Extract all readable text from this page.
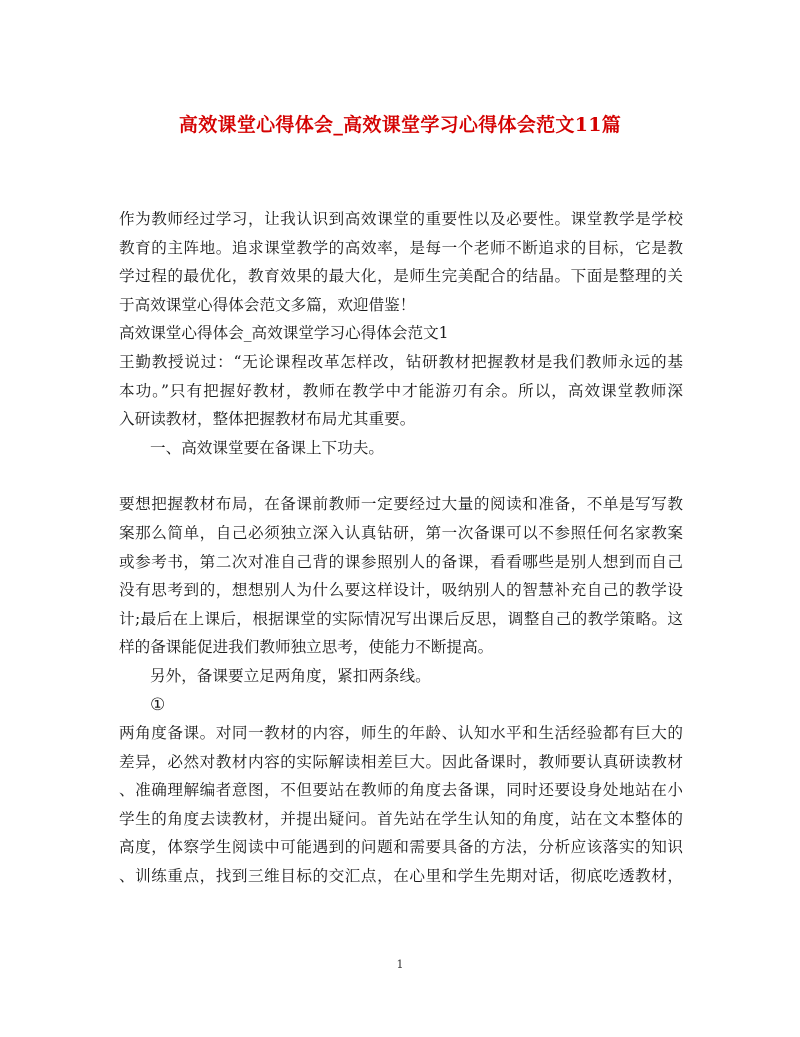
高效课堂心得体会_高效课堂学习心得体会范文11篇
作为教师经过学习，让我认识到高效课堂的重要性以及必要性。课堂教学是学校
教育的主阵地。追求课堂教学的高效率，是每一个老师不断追求的目标，它是教
学过程的最优化，教育效果的最大化，是师生完美配合的结晶。下面是整理的关
于高效课堂心得体会范文多篇，欢迎借鉴！
高效课堂心得体会_高效课堂学习心得体会范文1
王勤教授说过：“无论课程改革怎样改，钻研教材把握教材是我们教师永远的基
本功。”只有把握好教材，教师在教学中才能游刃有余。所以，高效课堂教师深
入研读教材，整体把握教材布局尤其重要。
一、高效课堂要在备课上下功夫。
要想把握教材布局，在备课前教师一定要经过大量的阅读和准备，不单是写写教
案那么简单，自己必须独立深入认真钻研，第一次备课可以不参照任何名家教案
或参考书，第二次对准自己背的课参照别人的备课，看看哪些是别人想到而自己
没有思考到的，想想别人为什么要这样设计，吸纳别人的智慧补充自己的教学设
计;最后在上课后，根据课堂的实际情况写出课后反思，调整自己的教学策略。这
样的备课能促进我们教师独立思考，使能力不断提高。
另外，备课要立足两角度，紧扣两条线。
①
两角度备课。对同一教材的内容，师生的年龄、认知水平和生活经验都有巨大的
差异，必然对教材内容的实际解读相差巨大。因此备课时，教师要认真研读教材
、准确理解编者意图，不但要站在教师的角度去备课，同时还要设身处地站在小
学生的角度去读教材，并提出疑问。首先站在学生认知的角度，站在文本整体的
高度，体察学生阅读中可能遇到的问题和需要具备的方法，分析应该落实的知识
、训练重点，找到三维目标的交汇点，在心里和学生先期对话，彻底吃透教材，
1
